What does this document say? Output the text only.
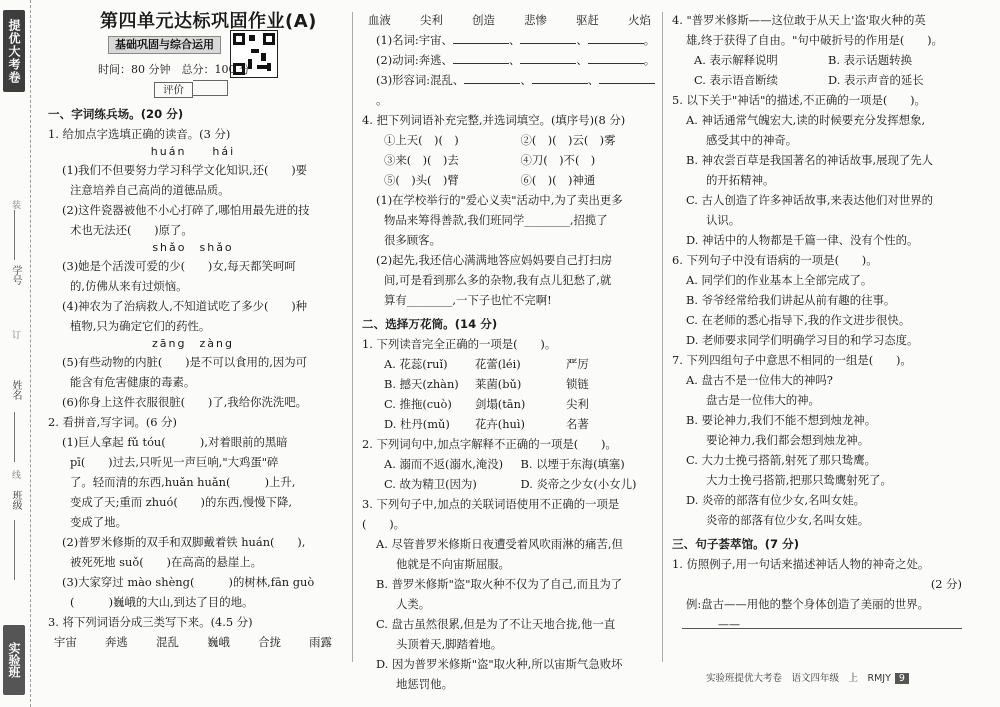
提优大考卷
装
学号
订
姓名
线
班级
实验班
第四单元达标巩固作业(A)
基础巩固与综合运用
时间：80 分钟　总分：100 分
评价
一、字词练兵场。(20 分)
1. 给加点字选填正确的读音。(3 分)
huán　　hái
(1)我们不但要努力学习科学文化知识,还(　　)要
注意培养自己高尚的道德品质。
(2)这件瓷器被他不小心打碎了,哪怕用最先进的技
术也无法还(　　)原了。
shǎo　shǎo
(3)她是个活泼可爱的少(　　)女,每天都笑呵呵
的,仿佛从来有过烦恼。
(4)神农为了治病救人,不知道试吃了多少(　　)种
植物,只为确定它们的药性。
zāng　zàng
(5)有些动物的内脏(　　)是不可以食用的,因为可
能含有危害健康的毒素。
(6)你身上这件衣服很脏(　　)了,我给你洗洗吧。
2. 看拼音,写字词。(6 分)
(1)巨人拿起 fǔ tóu(　　　),对着眼前的黑暗
pī(　　)过去,只听见一声巨响,"大鸡蛋"碎
了。轻而清的东西,huǎn huǎn(　　　)上升,
变成了天;重而 zhuó(　　)的东西,慢慢下降,
变成了地。
(2)普罗米修斯的双手和双脚戴着铁 huán(　　),
被死死地 suǒ(　　)在高高的悬崖上。
(3)大家穿过 mào shèng(　　　)的树林,fān guò
(　　　)巍峨的大山,到达了目的地。
3. 将下列词语分成三类写下来。(4.5 分)
宇宙 奔逃 混乱 巍峨 合拢 雨露
血液	尖利	创造	悲惨	驱赶	火焰
(1)名词:宇宙、	、	、	。
(2)动词:奔逃、	、	、	。
(3)形容词:混乱、	、	、。
4. 把下列词语补充完整,并选词填空。(填序号)(8 分)
①上天(　)(　)	②(　)(　)云(　)雾
③来(　)(　)去	④刀(　)不(　)
⑤(　)头(　)臂	⑥(　)(　)神通
(1)在学校举行的"爱心义卖"活动中,为了卖出更多
物品来筹得善款,我们班同学________,招揽了
很多顾客。
(2)起先,我还信心满满地答应妈妈要自己打扫房
间,可是看到那么多的杂物,我有点儿犯愁了,就
算有________,一下子也忙不完啊!
二、选择万花筒。(14 分)
1. 下列读音完全正确的一项是(　　)。
A. 花蕊(ruǐ)	花蕾(léi)	严厉
B. 撼天(zhàn)	莱菌(bǔ)	锁链
C. 推拖(cuò)	剑塌(tān)	尖利
D. 杜丹(mǔ)	花卉(huì)	名著
2. 下列词句中,加点字解释不正确的一项是(　　)。
A. 溺而不返(溺水,淹没)	B. 以堙于东海(填塞)
C. 故为精卫(因为)	D. 炎帝之少女(小女儿)
3. 下列句子中,加点的关联词语使用不正确的一项是(　　)。
A. 尽管普罗米修斯日夜遭受着风吹雨淋的痛苦,但
他就是不向宙斯屈服。
B. 普罗米修斯"盗"取火种不仅为了自己,而且为了
人类。
C. 盘古虽然很累,但是为了不让天地合拢,他一直
头顶着天,脚踏着地。
D. 因为普罗米修斯"盗"取火种,所以宙斯气急败坏
地惩罚他。
4. "普罗米修斯——这位敢于从天上'盗'取火种的英
雄,终于获得了自由。"句中破折号的作用是(　　)。
A. 表示解释说明	B. 表示话题转换
C. 表示语音断续	D. 表示声音的延长
5. 以下关于"神话"的描述,不正确的一项是(　　)。
A. 神话通常气魄宏大,读的时候要充分发挥想象,
感受其中的神奇。
B. 神农尝百草是我国著名的神话故事,展现了先人
的开拓精神。
C. 古人创造了许多神话故事,来表达他们对世界的
认识。
D. 神话中的人物都是千篇一律、没有个性的。
6. 下列句子中没有语病的一项是(　　)。
A. 同学们的作业基本上全部完成了。
B. 爷爷经常给我们讲起从前有趣的往事。
C. 在老师的悉心指导下,我的作文进步很快。
D. 老师要求同学们明确学习目的和学习态度。
7. 下列四组句子中意思不相同的一组是(　　)。
A. 盘古不是一位伟大的神吗?
盘古是一位伟大的神。
B. 要论神力,我们不能不想到烛龙神。
要论神力,我们都会想到烛龙神。
C. 大力士挽弓搭箭,射死了那只鸷鹰。
大力士挽弓搭箭,把那只鸷鹰射死了。
D. 炎帝的部落有位少女,名叫女娃。
炎帝的部落有位少女,名叫女娃。
三、句子荟萃馆。(7 分)
1. 仿照例子,用一句话来描述神话人物的神奇之处。
(2 分)
例:盘古——用他的整个身体创造了美丽的世界。
——
实验班提优大考卷　语文四年级　上　RMJY 9
